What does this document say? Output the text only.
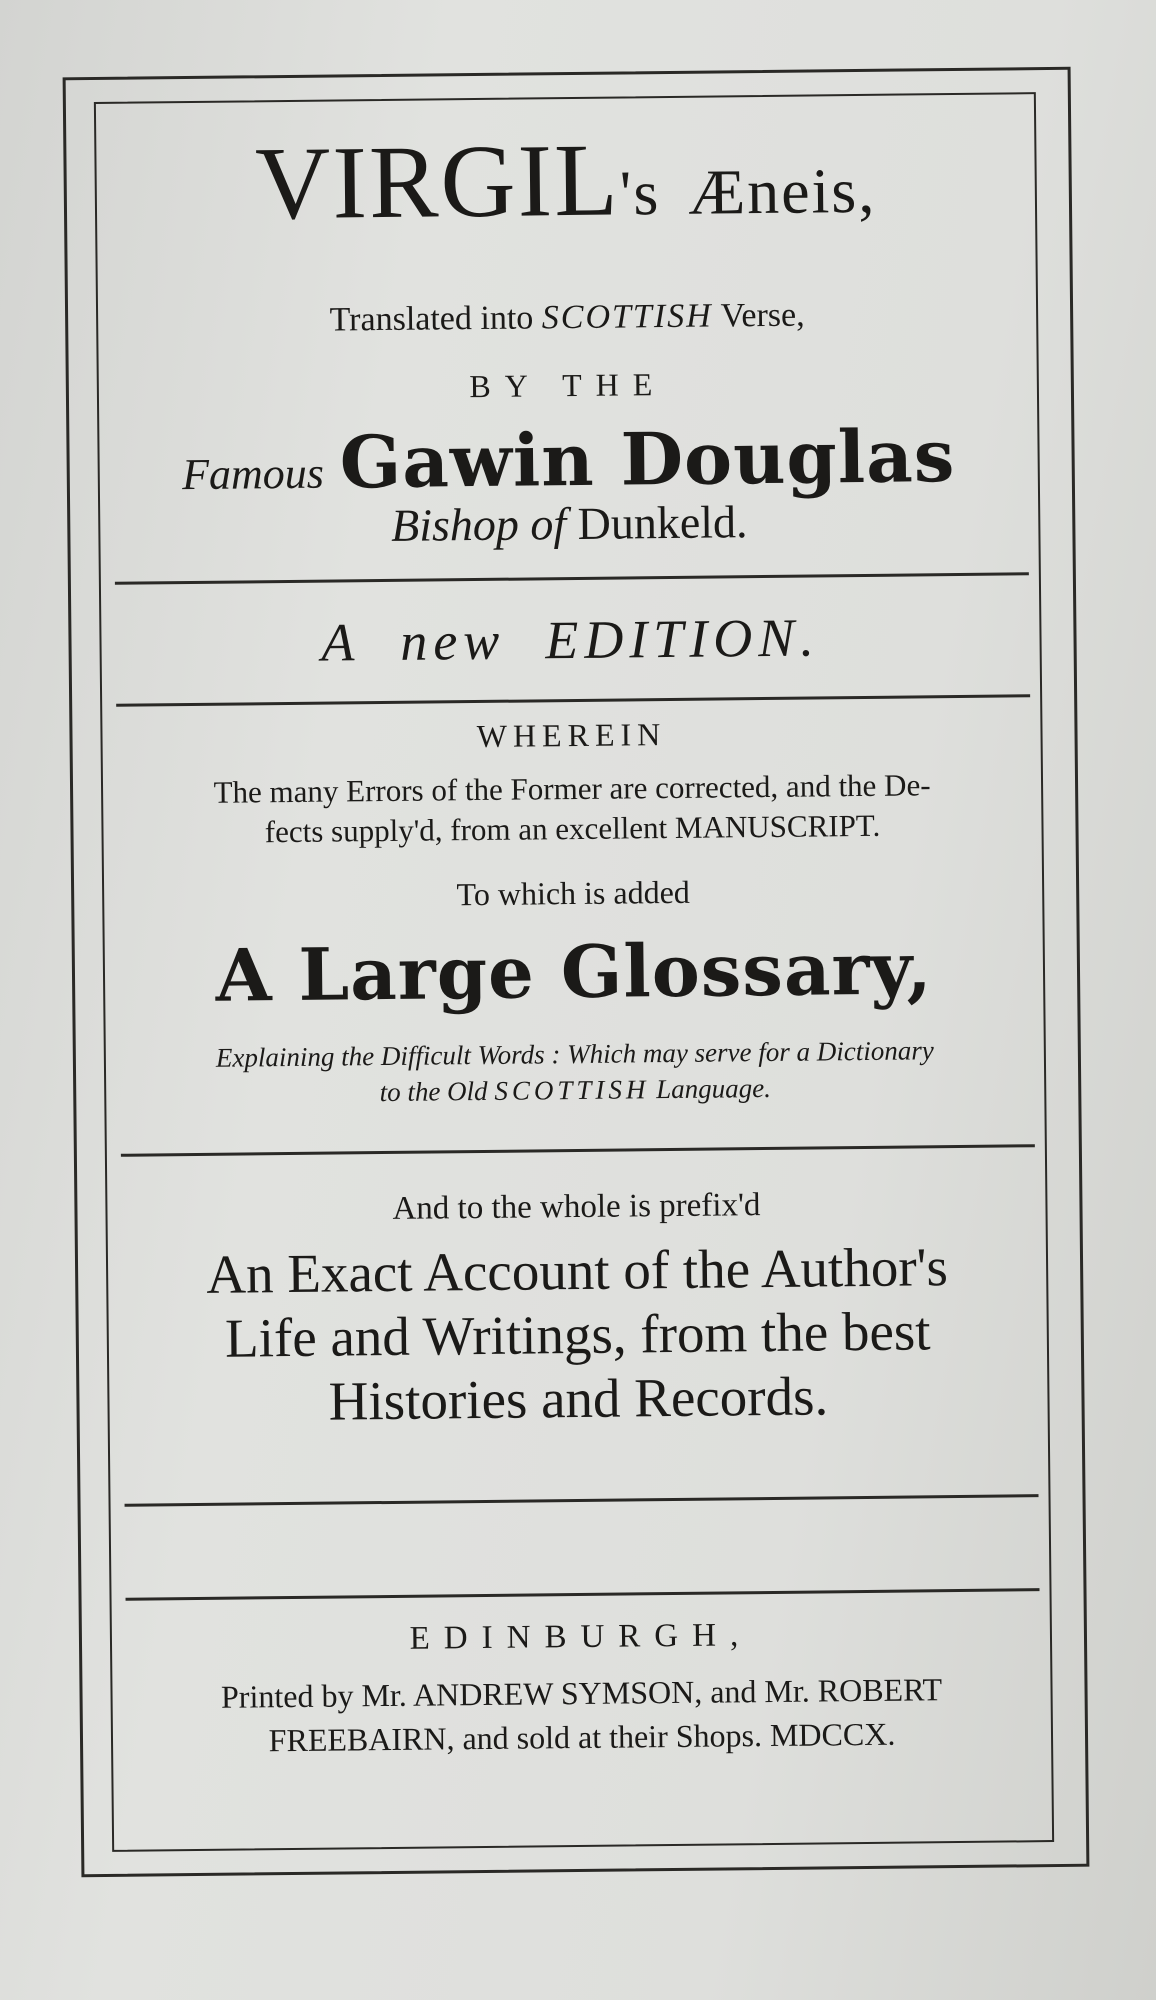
VIRGIL's Æneis,
Translated into SCOTTISH Verse,
BY THE
Famous Gawin Douglas
Bishop of Dunkeld.
A new EDITION.
WHEREIN
The many Errors of the Former are corrected, and the De-
fects supply'd, from an excellent MANUSCRIPT.
To which is added
A Large Glossary,
Explaining the Difficult Words : Which may serve for a Dictionary
to the Old SCOTTISH Language.
And to the whole is prefix'd
An Exact Account of the Author's
Life and Writings, from the best
Histories and Records.
EDINBURGH,
Printed by Mr. ANDREW SYMSON, and Mr. ROBERT
FREEBAIRN, and sold at their Shops. MDCCX.
